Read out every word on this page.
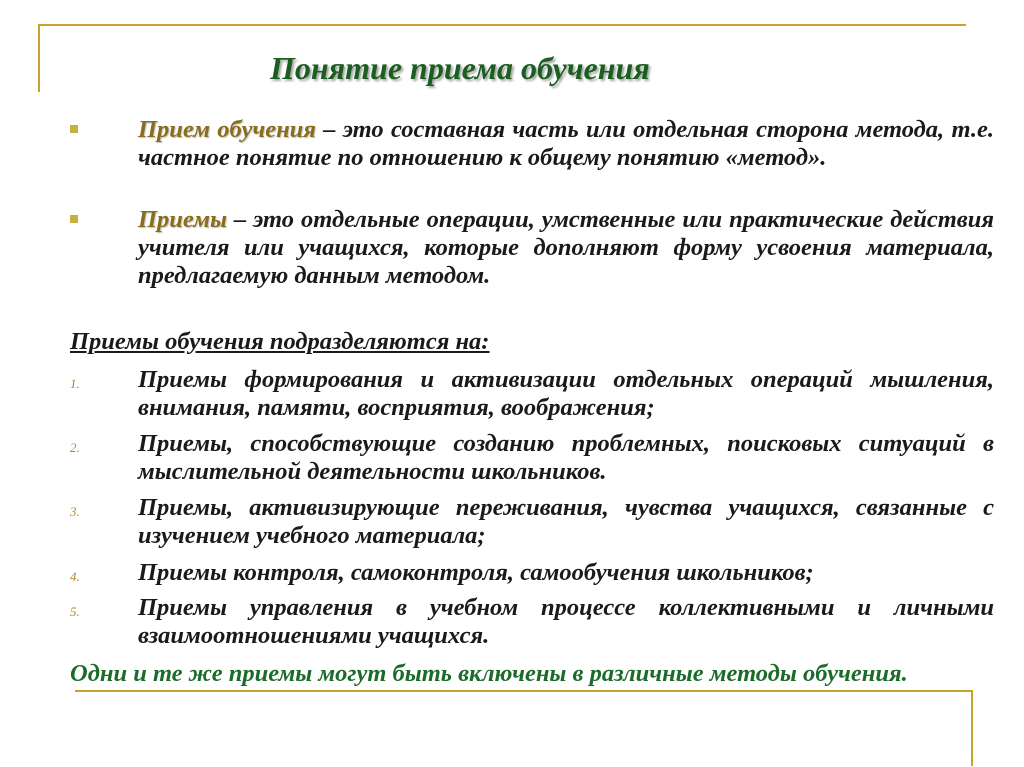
Понятие приема обучения

Прием обучения – это составная часть или отдельная сторона метода, т.е. частное понятие по отношению к общему понятию «метод».

Приемы – это отдельные операции, умственные или практические действия учителя или учащихся, которые дополняют форму усвоения материала, предлагаемую данным методом.

Приемы обучения подразделяются на:

1. Приемы формирования и активизации отдельных операций мышления, внимания, памяти, восприятия, воображения;

2. Приемы, способствующие созданию проблемных, поисковых ситуаций в мыслительной деятельности школьников.

3. Приемы, активизирующие переживания, чувства учащихся, связанные с изучением учебного материала;

4. Приемы контроля, самоконтроля, самообучения школьников;

5. Приемы управления в учебном процессе коллективными и личными взаимоотношениями учащихся.

Одни и те же приемы могут быть включены в различные методы обучения.
